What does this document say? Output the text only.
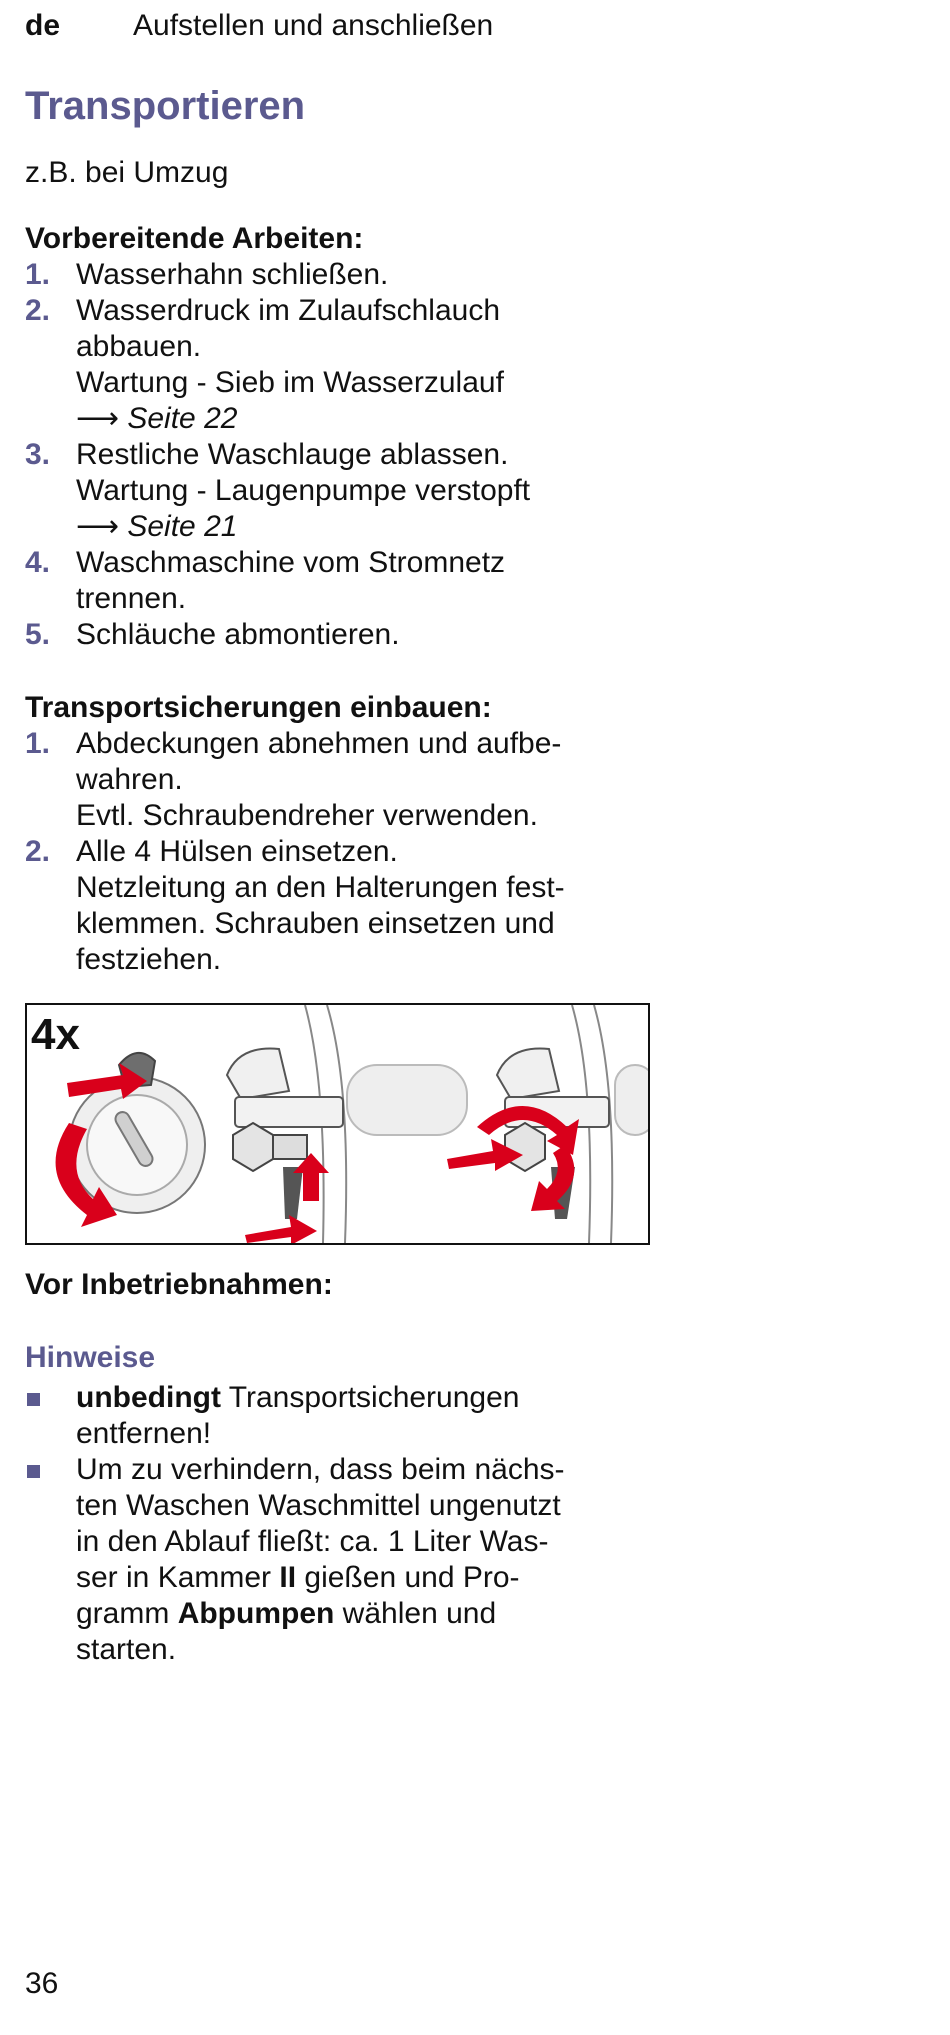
de Aufstellen und anschließen
Transportieren
z.B. bei Umzug
Vorbereitende Arbeiten:
1. Wasserhahn schließen.
2. Wasserdruck im Zulaufschlauch
abbauen.
Wartung - Sieb im Wasserzulauf
⟶ Seite 22
3. Restliche Waschlauge ablassen.
Wartung - Laugenpumpe verstopft
⟶ Seite 21
4. Waschmaschine vom Stromnetz
trennen.
5. Schläuche abmontieren.
Transportsicherungen einbauen:
1. Abdeckungen abnehmen und aufbe-
wahren.
Evtl. Schraubendreher verwenden.
2. Alle 4 Hülsen einsetzen.
Netzleitung an den Halterungen fest-
klemmen. Schrauben einsetzen und
festziehen.
4x
Vor Inbetriebnahmen:
Hinweise
unbedingt Transportsicherungen
entfernen!
Um zu verhindern, dass beim nächs-
ten Waschen Waschmittel ungenutzt
in den Ablauf fließt: ca. 1 Liter Was-
ser in Kammer II gießen und Pro-
gramm Abpumpen wählen und
starten.
36
